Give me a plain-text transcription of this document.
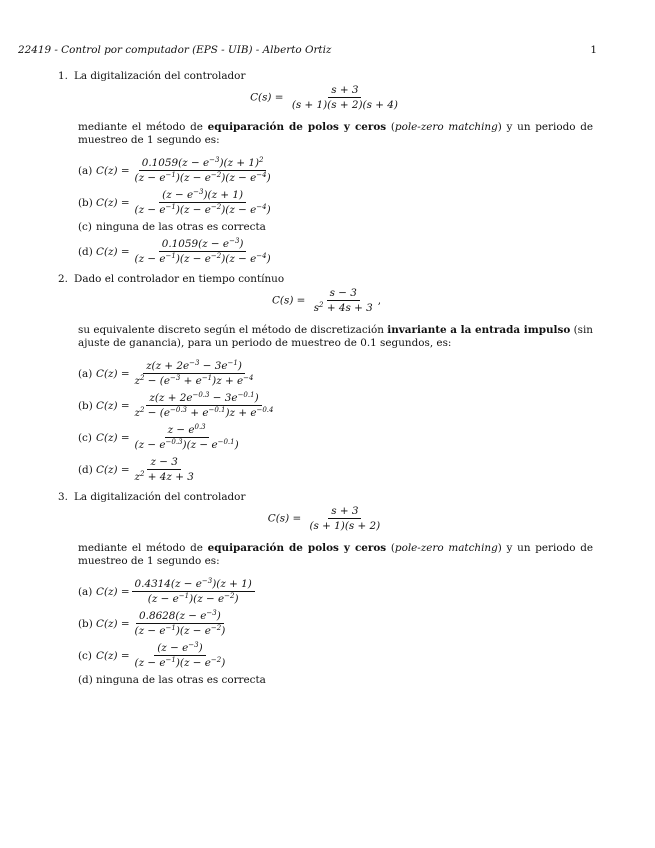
22419 - Control por computador (EPS - UIB) - Alberto Ortiz	1
1. La digitalización del controlador
$C(s) = \frac{s + 3}{(s + 1)(s + 2)(s + 4)}$
mediante el método de equiparación de polos y ceros (pole-zero matching) y un periodo de muestreo de 1 segundo es:
(a) $C(z) = \frac{0.1059(z - e^{-3})(z + 1)^2}{(z - e^{-1})(z - e^{-2})(z - e^{-4})}$
(b) $C(z) = \frac{(z - e^{-3})(z + 1)}{(z - e^{-1})(z - e^{-2})(z - e^{-4})}$
(c) ninguna de las otras es correcta
(d) $C(z) = \frac{0.1059(z - e^{-3})}{(z - e^{-1})(z - e^{-2})(z - e^{-4})}$
2. Dado el controlador en tiempo contínuo
$C(s) = \frac{s - 3}{s^2 + 4s + 3}$ ,
su equivalente discreto según el método de discretización invariante a la entrada impulso (sin ajuste de ganancia), para un periodo de muestreo de 0.1 segundos, es:
(a) $C(z) = \frac{z(z + 2e^{-3} - 3e^{-1})}{z^2 - (e^{-3} + e^{-1})z + e^{-4}}$
(b) $C(z) = \frac{z(z + 2e^{-0.3} - 3e^{-0.1})}{z^2 - (e^{-0.3} + e^{-0.1})z + e^{-0.4}}$
(c) $C(z) = \frac{z - e^{0.3}}{(z - e^{-0.3})(z - e^{-0.1})}$
(d) $C(z) = \frac{z - 3}{z^2 + 4z + 3}$
3. La digitalización del controlador
$C(s) = \frac{s + 3}{(s + 1)(s + 2)}$
mediante el método de equiparación de polos y ceros (pole-zero matching) y un periodo de muestreo de 1 segundo es:
(a) $C(z) = \frac{0.4314(z - e^{-3})(z + 1)}{(z - e^{-1})(z - e^{-2})}$
(b) $C(z) = \frac{0.8628(z - e^{-3})}{(z - e^{-1})(z - e^{-2})}$
(c) $C(z) = \frac{(z - e^{-3})}{(z - e^{-1})(z - e^{-2})}$
(d) ninguna de las otras es correcta
